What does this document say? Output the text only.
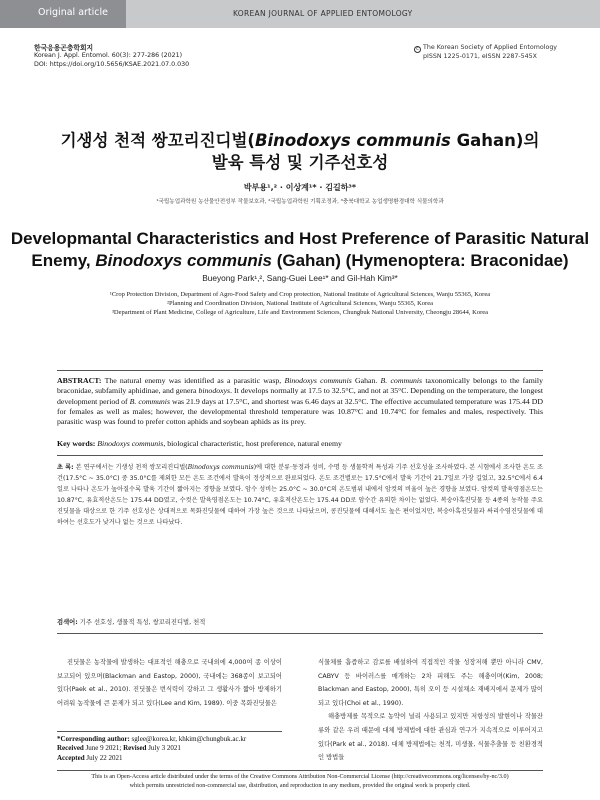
Original article	KOREAN JOURNAL OF APPLIED ENTOMOLOGY
한국응용곤충학회지
Korean J. Appl. Entomol. 60(3): 277-286 (2021)
DOI: https://doi.org/10.5656/KSAE.2021.07.0.030
c The Korean Society of Applied Entomology
pISSN 1225-0171, eISSN 2287-545X
기생성 천적 쌍꼬리진디벌(Binodoxys communis Gahan)의
발육 특성 및 기주선호성
박부용¹,² · 이상계¹* · 김길하³*
¹국립농업과학원 농산물안전성부 작물보호과, ²국립농업과학원 기획조정과, ³충북대학교 농업생명환경대학 식물의학과
Developmantal Characteristics and Host Preference of Parasitic Natural
Enemy, Binodoxys communis (Gahan) (Hymenoptera: Braconidae)
Bueyong Park¹,², Sang-Guei Lee¹* and Gil-Hah Kim³*
¹Crop Protection Division, Department of Agro-Food Safety and Crop protection, National Institute of Agricultural Sciences, Wanju 55365, Korea
²Planning and Coordination Division, National Institute of Agricultural Sciences, Wanju 55365, Korea
³Department of Plant Medicine, College of Agriculture, Life and Environment Sciences, Chungbuk National University, Cheongju 28644, Korea
ABSTRACT: The natural enemy was identified as a parasitic wasp, Binodoxys communis Gahan. B. communis taxonomically belongs to the family braconidae, subfamily aphidinae, and genera binodoxys. It develops normally at 17.5 to 32.5°C, and not at 35°C. Depending on the temperature, the longest development period of B. communis was 21.9 days at 17.5°C, and shortest was 6.46 days at 32.5°C. The effective accumulated temperature was 175.44 DD for females as well as males; however, the developmental threshold temperature was 10.87°C and 10.74°C for females and males, respectively. This parasitic wasp was found to prefer cotton aphids and soybean aphids as its prey.
Key words: Binodoxys communis, biological characteristic, host preference, natural enemy
초 록: 본 연구에서는 기생성 천적 쌍꼬리진디벌(Binodoxys communis)에 대한 분류·동정과 성비, 수명 등 생물학적 특성과 기주 선호성을 조사하였다. 본 시험에서 조사한 온도 조건(17.5°C ~ 35.0°C) 중 35.0°C를 제외한 모든 온도 조건에서 발육이 정상적으로 완료되었다. 온도 조건별로는 17.5°C에서 발육 기간이 21.7일로 가장 길었고, 32.5°C에서 6.4일로 나타나 온도가 높아질수록 발육 기간이 짧아지는 경향을 보였다. 암수 성비는 25.0°C ~ 30.0°C의 온도범위 내에서 암컷의 비율이 높은 경향을 보였다. 암컷의 발육영점온도는 10.87°C, 유효적산온도는 175.44 DD였고, 수컷은 발육영점온도는 10.74°C, 유효적산온도는 175.44 DD로 암수간 유의한 차이는 없었다. 복숭아혹진딧물 등 4종의 농작물 주요 진딧물을 대상으로 한 기주 선호성은 상대적으로 목화진딧물에 대하여 가장 높은 것으로 나타났으며, 콩진딧물에 대해서도 높은 편이었지만, 복숭아혹진딧물과 싸리수염진딧물에 대하여는 선호도가 낮거나 없는 것으로 나타났다.
검색어: 기주 선호성, 생물적 특성, 쌍꼬리진디벌, 천적

진딧물은 농작물에 발생하는 대표적인 해충으로 국내외에 4,000여 종 이상이 보고되어 있으며(Blackman and Eastop, 2000), 국내에는 368종이 보고되어 있다(Paek et al., 2010). 진딧물은 번식력이 강하고 그 생활사가 짧아 방제하기 어려워 농작물에 큰 문제가 되고 있다(Lee and Kim, 1989). 이중 목화진딧물은

식물체를 흡즙하고 감로를 배설하여 직접적인 작물 성장저해 뿐만 아니라 CMV, CABYV 등 바이러스를 매개하는 2차 피해도 주는 해충이며(Kim, 2008; Blackman and Eastop, 2000), 특히 오이 등 시설채소 재배지에서 문제가 많이 되고 있다(Choi et al., 1990).

해충방제를 목적으로 농약이 널리 사용되고 있지만 저항성의 발현이나 작물잔류와 같은 우려 때문에 대체 방제법에 대한 관심과 연구가 지속적으로 이루어지고 있다(Park et al., 2018). 대체 방제법에는 천적, 미생물, 식물추출물 등 친환경적인 방법들

*Corresponding author: sglee@korea.kr, khkim@chungbuk.ac.kr
Received June 9 2021; Revised July 3 2021
Accepted July 22 2021
This is an Open-Access article distributed under the terms of the Creative Commons Attribution Non-Commercial License (http://creativecommons.org/licenses/by-nc/3.0)
which permits unrestricted non-commercial use, distribution, and reproduction in any medium, provided the original work is properly cited.
